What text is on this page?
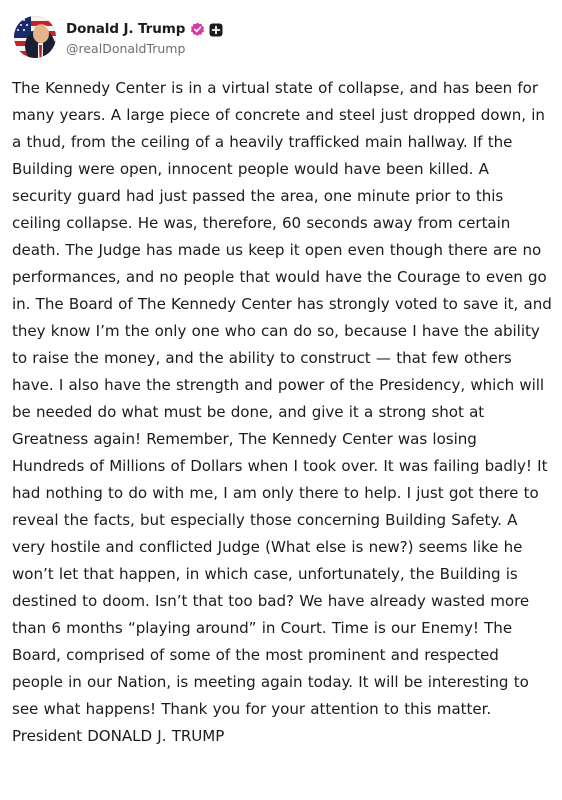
Donald J. Trump
@realDonaldTrump
The Kennedy Center is in a virtual state of collapse, and has been for many years. A large piece of concrete and steel just dropped down, in a thud, from the ceiling of a heavily trafficked main hallway. If the Building were open, innocent people would have been killed. A security guard had just passed the area, one minute prior to this ceiling collapse. He was, therefore, 60 seconds away from certain death. The Judge has made us keep it open even though there are no performances, and no people that would have the Courage to even go in. The Board of The Kennedy Center has strongly voted to save it, and they know I’m the only one who can do so, because I have the ability to raise the money, and the ability to construct — that few others have. I also have the strength and power of the Presidency, which will be needed do what must be done, and give it a strong shot at Greatness again! Remember, The Kennedy Center was losing Hundreds of Millions of Dollars when I took over. It was failing badly! It had nothing to do with me, I am only there to help. I just got there to reveal the facts, but especially those concerning Building Safety. A very hostile and conflicted Judge (What else is new?) seems like he won’t let that happen, in which case, unfortunately, the Building is destined to doom. Isn’t that too bad? We have already wasted more than 6 months “playing around” in Court. Time is our Enemy! The Board, comprised of some of the most prominent and respected people in our Nation, is meeting again today. It will be interesting to see what happens! Thank you for your attention to this matter. President DONALD J. TRUMP
